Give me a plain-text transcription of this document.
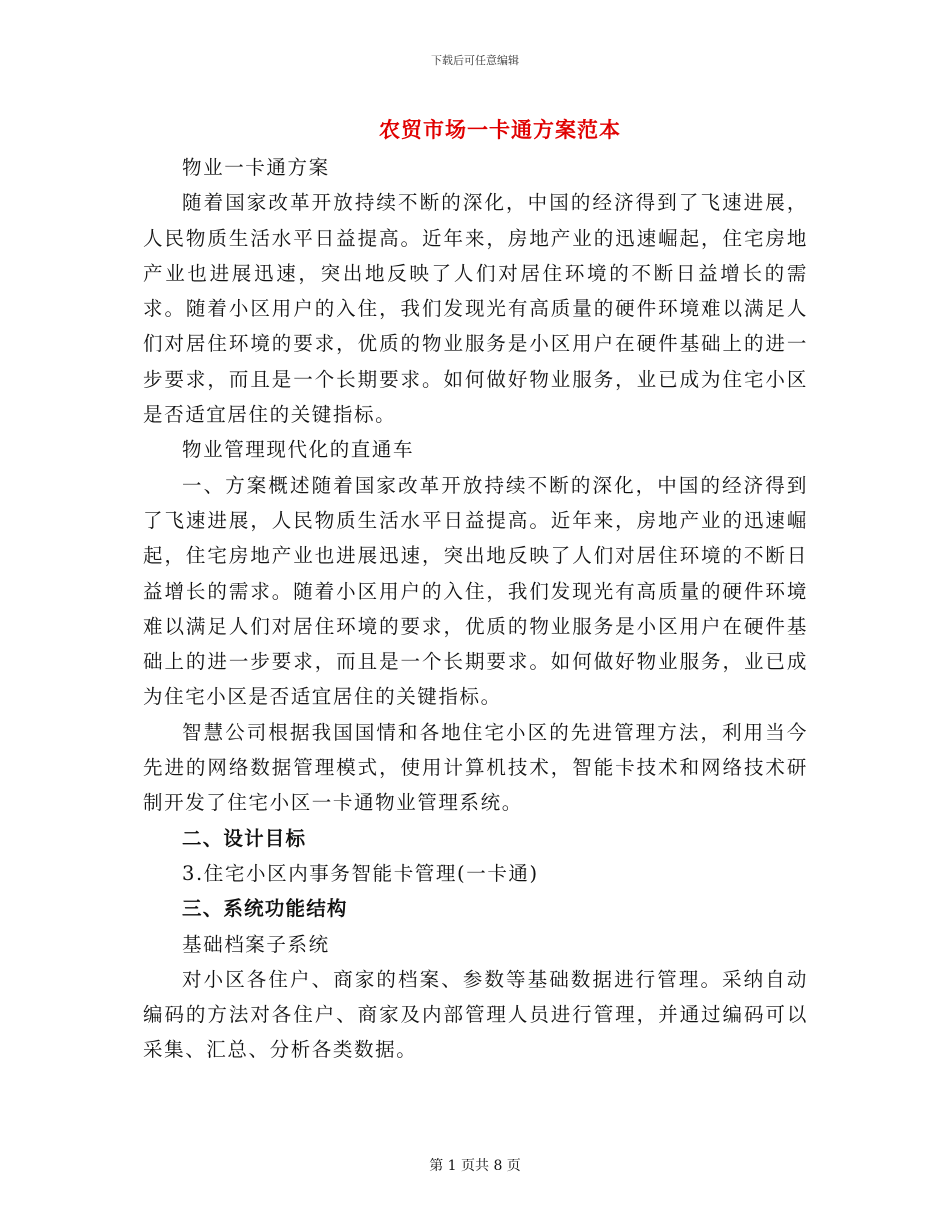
下载后可任意编辑
农贸市场一卡通方案范本

物业一卡通方案

随着国家改革开放持续不断的深化，中国的经济得到了飞速进展，人民物质生活水平日益提高。近年来，房地产业的迅速崛起，住宅房地产业也进展迅速，突出地反映了人们对居住环境的不断日益增长的需求。随着小区用户的入住，我们发现光有高质量的硬件环境难以满足人们对居住环境的要求，优质的物业服务是小区用户在硬件基础上的进一步要求，而且是一个长期要求。如何做好物业服务，业已成为住宅小区是否适宜居住的关键指标。

物业管理现代化的直通车

一、方案概述随着国家改革开放持续不断的深化，中国的经济得到了飞速进展，人民物质生活水平日益提高。近年来，房地产业的迅速崛起，住宅房地产业也进展迅速，突出地反映了人们对居住环境的不断日益增长的需求。随着小区用户的入住，我们发现光有高质量的硬件环境难以满足人们对居住环境的要求，优质的物业服务是小区用户在硬件基础上的进一步要求，而且是一个长期要求。如何做好物业服务，业已成为住宅小区是否适宜居住的关键指标。

智慧公司根据我国国情和各地住宅小区的先进管理方法，利用当今先进的网络数据管理模式，使用计算机技术，智能卡技术和网络技术研制开发了住宅小区一卡通物业管理系统。

二、设计目标

3.住宅小区内事务智能卡管理(一卡通)

三、系统功能结构

基础档案子系统

对小区各住户、商家的档案、参数等基础数据进行管理。采纳自动编码的方法对各住户、商家及内部管理人员进行管理，并通过编码可以采集、汇总、分析各类数据。

第 1 页共 8 页
